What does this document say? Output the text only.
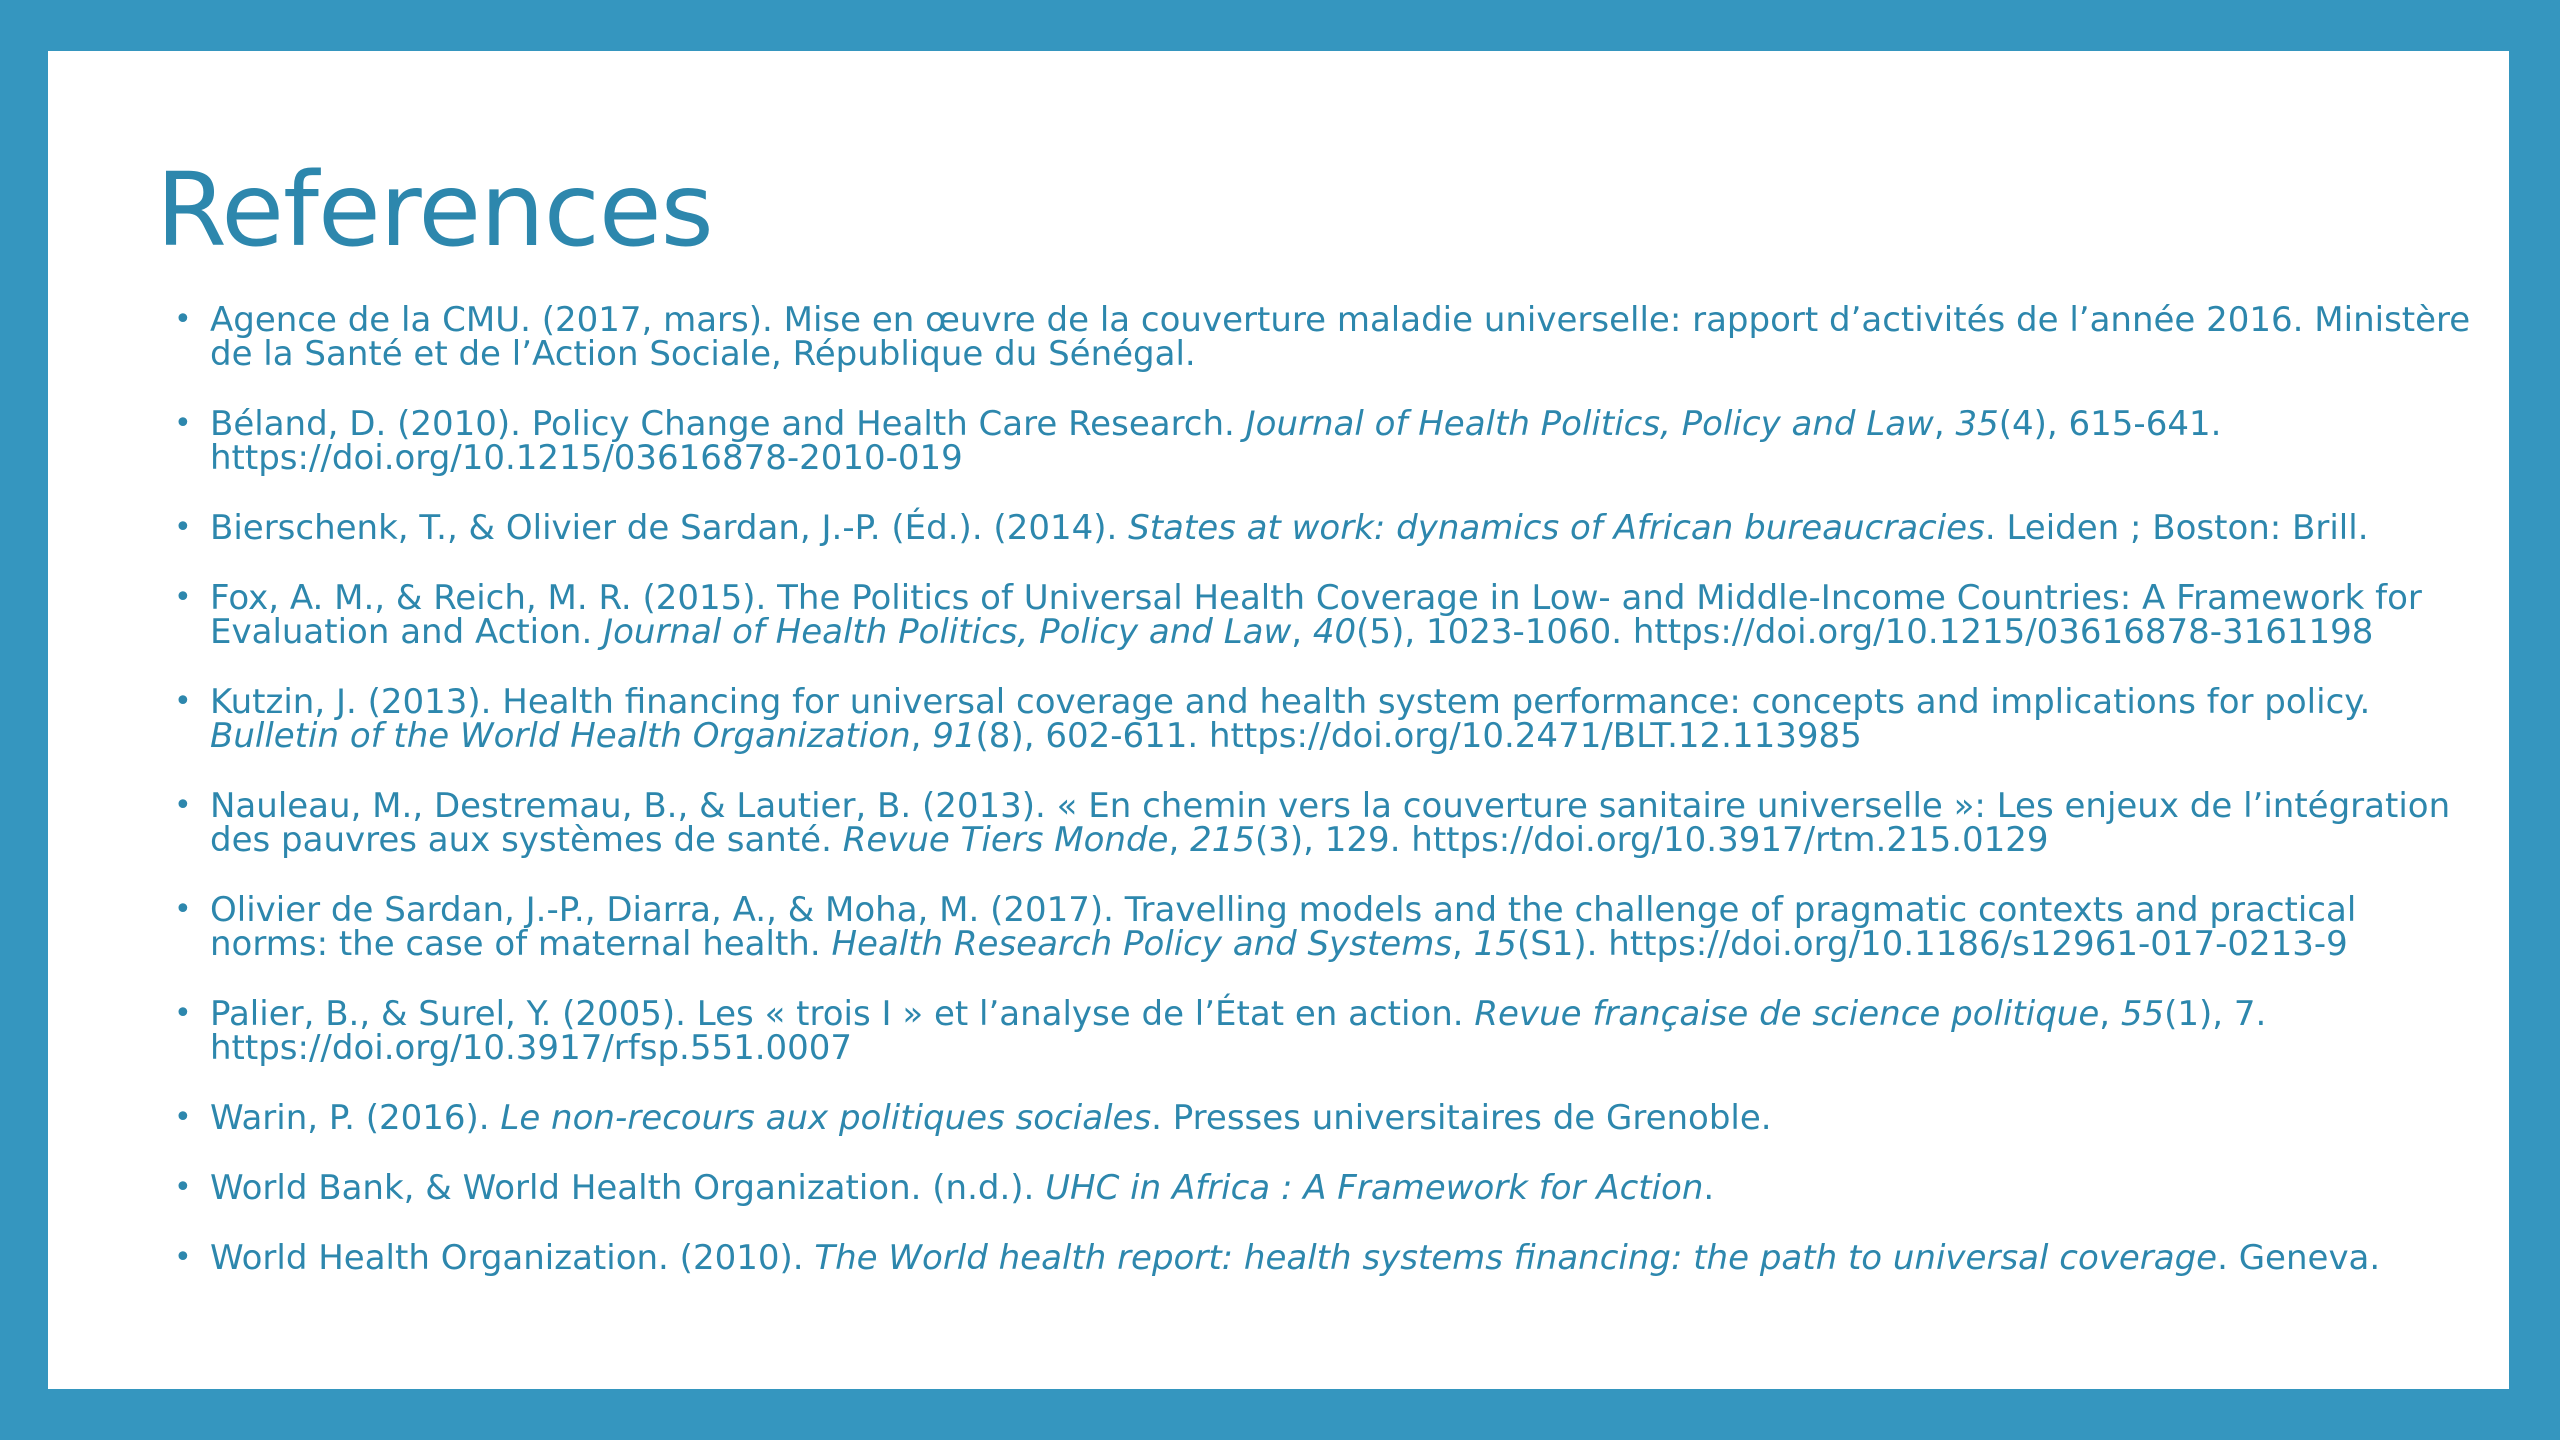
References
• Agence de la CMU. (2017, mars). Mise en œuvre de la couverture maladie universelle: rapport d’activités de l’année 2016. Ministère de la Santé et de l’Action Sociale, République du Sénégal.
• Béland, D. (2010). Policy Change and Health Care Research. Journal of Health Politics, Policy and Law, 35(4), 615-641. https://doi.org/10.1215/03616878-2010-019
• Bierschenk, T., & Olivier de Sardan, J.-P. (Éd.). (2014). States at work: dynamics of African bureaucracies. Leiden ; Boston: Brill.
• Fox, A. M., & Reich, M. R. (2015). The Politics of Universal Health Coverage in Low- and Middle-Income Countries: A Framework for Evaluation and Action. Journal of Health Politics, Policy and Law, 40(5), 1023-1060. https://doi.org/10.1215/03616878-3161198
• Kutzin, J. (2013). Health financing for universal coverage and health system performance: concepts and implications for policy. Bulletin of the World Health Organization, 91(8), 602-611. https://doi.org/10.2471/BLT.12.113985
• Nauleau, M., Destremau, B., & Lautier, B. (2013). « En chemin vers la couverture sanitaire universelle »: Les enjeux de l’intégration des pauvres aux systèmes de santé. Revue Tiers Monde, 215(3), 129. https://doi.org/10.3917/rtm.215.0129
• Olivier de Sardan, J.-P., Diarra, A., & Moha, M. (2017). Travelling models and the challenge of pragmatic contexts and practical norms: the case of maternal health. Health Research Policy and Systems, 15(S1). https://doi.org/10.1186/s12961-017-0213-9
• Palier, B., & Surel, Y. (2005). Les « trois I » et l’analyse de l’État en action. Revue française de science politique, 55(1), 7. https://doi.org/10.3917/rfsp.551.0007
• Warin, P. (2016). Le non-recours aux politiques sociales. Presses universitaires de Grenoble.
• World Bank, & World Health Organization. (n.d.). UHC in Africa : A Framework for Action.
• World Health Organization. (2010). The World health report: health systems financing: the path to universal coverage. Geneva.
